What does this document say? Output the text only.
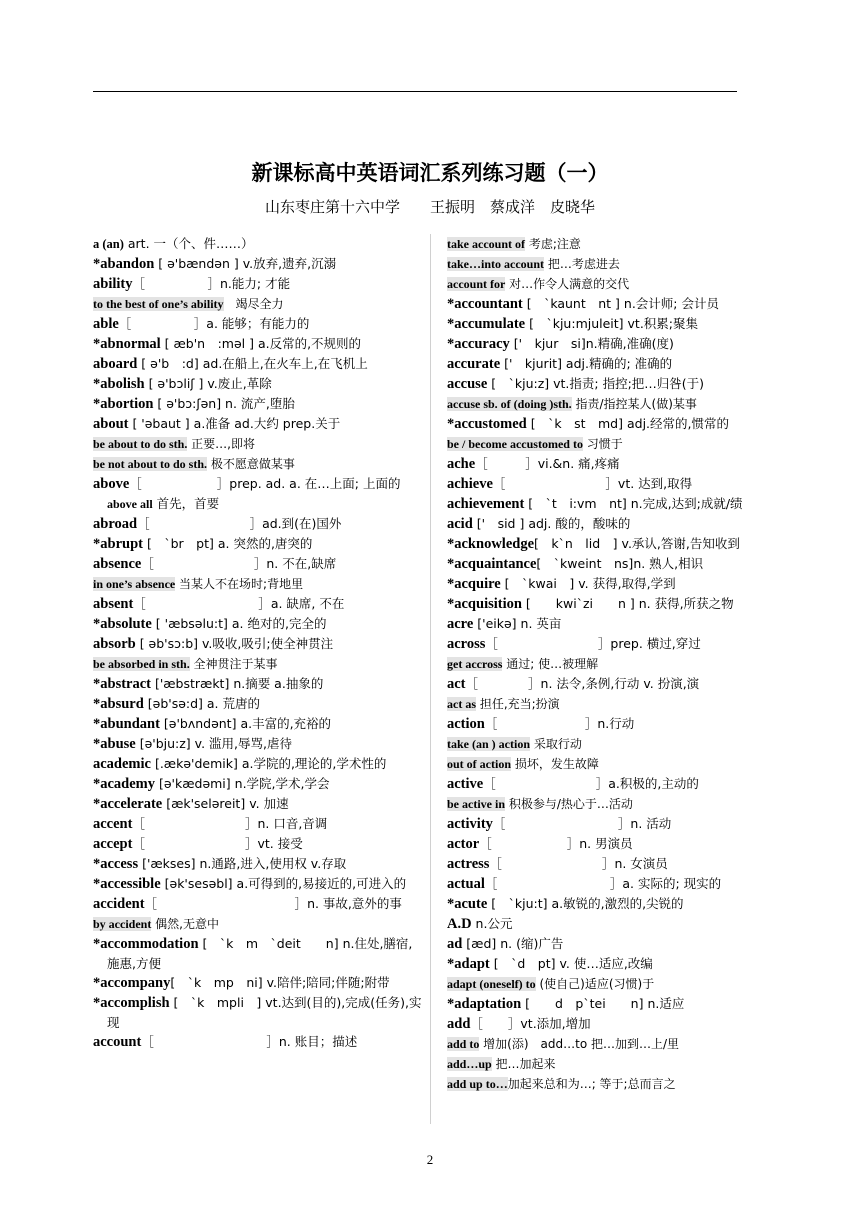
新课标高中英语词汇系列练习题（一）
山东枣庄第十六中学　　王振明　蔡成洋　皮晓华
a (an) art. 一（个、件……）
*abandon [ ə'bændən ] v.放弃,遗弃,沉溺
ability［　　　　　］n.能力; 才能
to the best of one’s ability　竭尽全力
able［　　　　　］a. 能够；有能力的
*abnormal [ æb'n　:məl ] a.反常的,不规则的
aboard [ ə'b　:d] ad.在船上,在火车上,在飞机上
*abolish [ ə'bɔliʃ ] v.废止,革除
*abortion [ ə'bɔ:ʃən] n. 流产,堕胎
about [ 'əbaut ] a.准备 ad.大约 prep.关于
be about to do sth. 正要…,即将
be not about to do sth. 极不愿意做某事
above［　　　　　　］prep. ad. a. 在…上面; 上面的
above all 首先，首要
abroad［　　　　　　　　］ad.到(在)国外
*abrupt [　`br　pt] a. 突然的,唐突的
absence［　　　　　　　　］n. 不在,缺席
in one’s absence 当某人不在场时;背地里
absent［　　　　　　　　　］a. 缺席, 不在
*absolute [ 'æbsəlu:t] a. 绝对的,完全的
absorb [ əb'sɔ:b] v.吸收,吸引;使全神贯注
be absorbed in sth. 全神贯注于某事
*abstract ['æbstrækt] n.摘要 a.抽象的
*absurd [əb'sə:d] a. 荒唐的
*abundant [ə'bʌndənt] a.丰富的,充裕的
*abuse [ə'bju:z] v. 滥用,辱骂,虐待
academic [.ækə'demik] a.学院的,理论的,学术性的
*academy [ə'kædəmi] n.学院,学术,学会
*accelerate [æk'seləreit] v. 加速
accent［　　　　　　　　］n. 口音,音调
accept［　　　　　　　　］vt. 接受
*access ['ækses] n.通路,进入,使用权 v.存取
*accessible [ək'sesəbl] a.可得到的,易接近的,可进入的
accident［　　　　　　　　　　　］n. 事故,意外的事
by accident 偶然,无意中
*accommodation [　`k　m　`deit　　n] n.住处,膳宿, 施惠,方便
*accompany[　`k　mp　ni] v.陪伴;陪同;伴随;附带
*accomplish [　`k　mpli　] vt.达到(目的),完成(任务),实现
account［　　　　　　　　　］n. 账目；描述
take account of 考虑;注意
take…into account 把…考虑进去
account for 对…作令人满意的交代
*accountant [　`kaunt　nt ] n.会计师; 会计员
*accumulate [　`kju:mjuleit] vt.积累;聚集
*accuracy ['　kjur　si]n.精确,准确(度)
accurate ['　kjurit] adj.精确的; 准确的
accuse [　`kju:z] vt.指责; 指控;把…归咎(于)
accuse sb. of (doing )sth. 指责/指控某人(做)某事
*accustomed [　`k　st　md] adj.经常的,惯常的
be / become accustomed to 习惯于
ache［　　　］vi.&n. 痛,疼痛
achieve［　　　　　　　　］vt. 达到,取得
achievement [　`t　i:vm　nt] n.完成,达到;成就/绩
acid ['　sid ] adj. 酸的，酸味的
*acknowledge[　k`n　lid　] v.承认,答谢,告知收到
*acquaintance[　`kweint　ns]n. 熟人,相识
*acquire [　`kwai　] v. 获得,取得,学到
*acquisition [　　kwi`zi　　n ] n. 获得,所获之物
acre ['eikə] n. 英亩
across［　　　　　　　　］prep. 横过,穿过
get accross 通过; 使…被理解
act［　　　　］n. 法令,条例,行动 v. 扮演,演
act as 担任,充当;扮演
action［　　　　　　　］n.行动
take (an ) action 采取行动
out of action 损坏，发生故障
active［　　　　　　　　］a.积极的,主动的
be active in 积极参与/热心于…活动
activity［　　　　　　　　　］n. 活动
actor［　　　　　　］n. 男演员
actress［　　　　　　　　］n. 女演员
actual［　　　　　　　　　］a. 实际的; 现实的
*acute [　`kju:t] a.敏锐的,激烈的,尖锐的
A.D n.公元
ad [æd] n. (缩)广告
*adapt [　`d　pt] v. 使…适应,改编
adapt (oneself) to (使自己)适应(习惯)于
*adaptation [　　d　p`tei　　n] n.适应
add［　　］vt.添加,增加
add to 增加(添)　add…to 把…加到…上/里
add…up 把…加起来
add up to…加起来总和为…; 等于;总而言之
2
